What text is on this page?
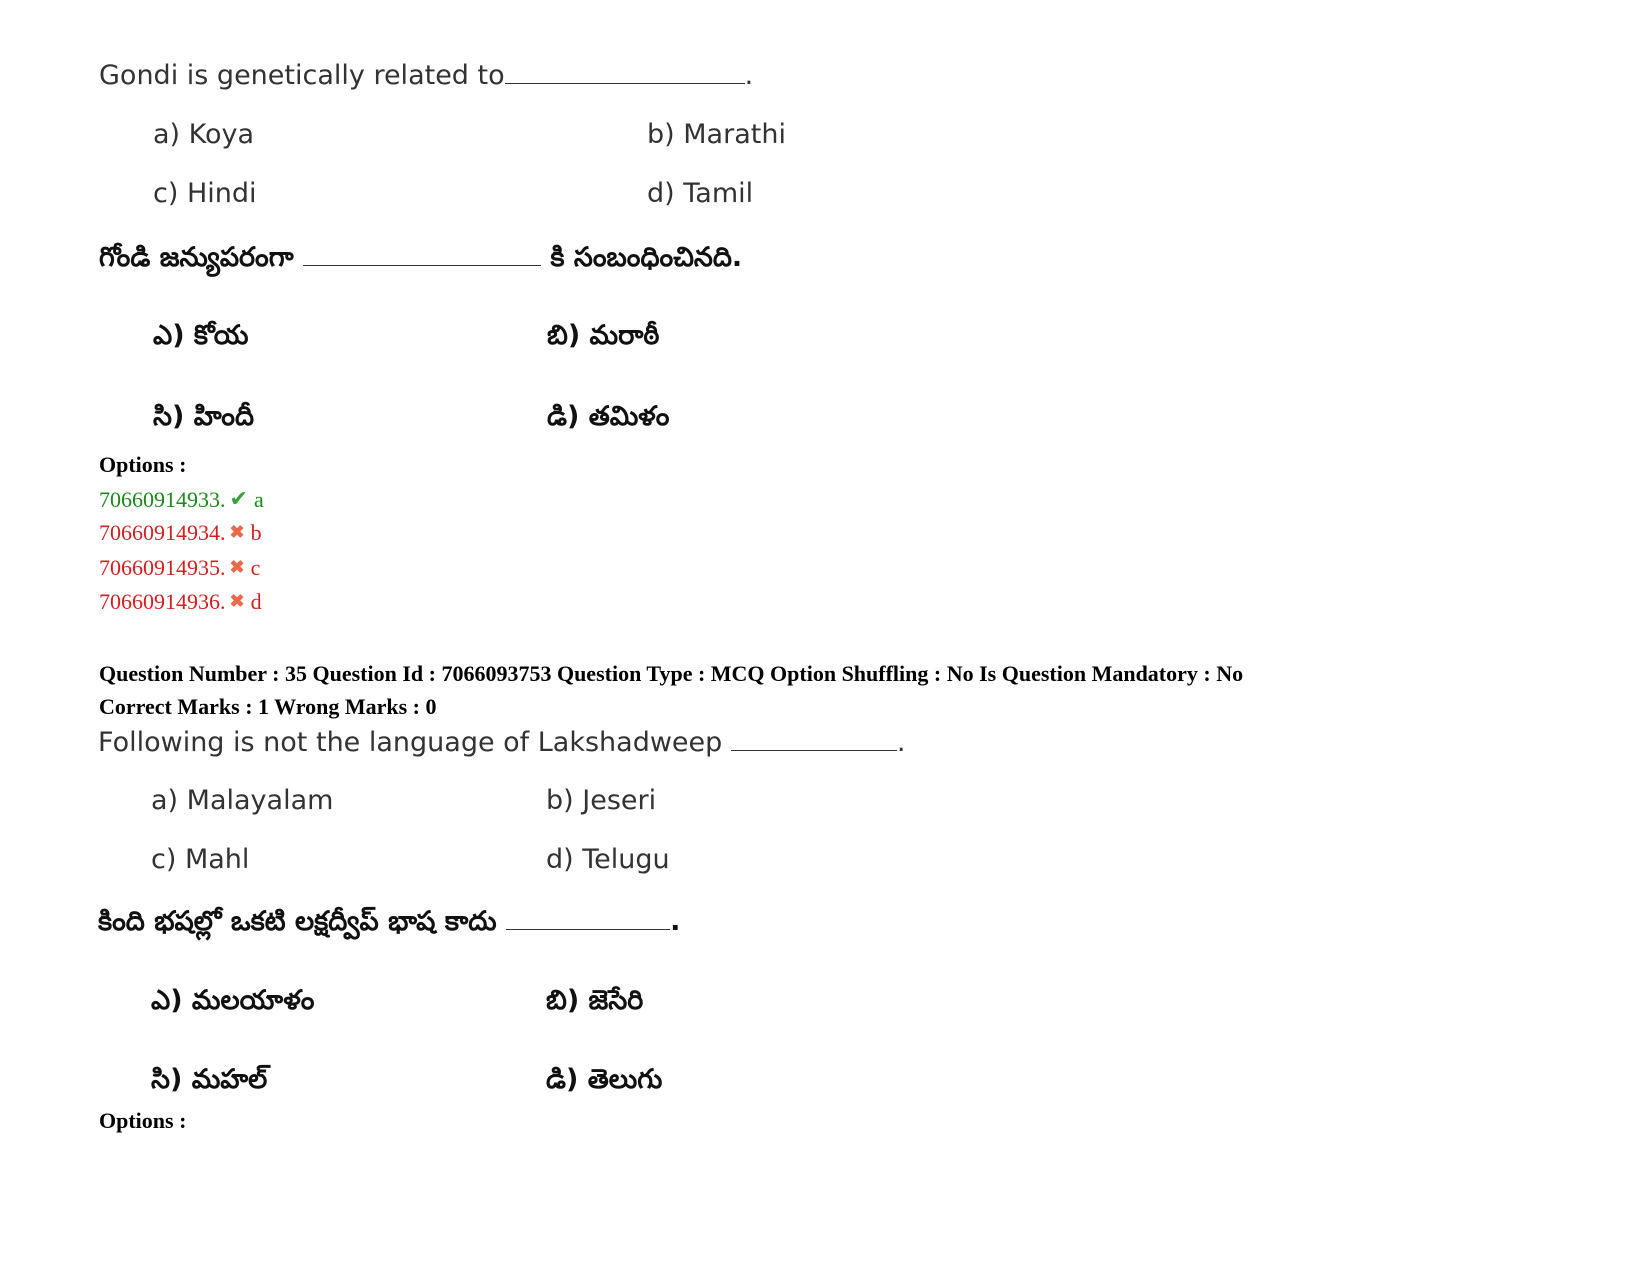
Gondi is genetically related to	.
a) Koya	b) Marathi
c) Hindi	d) Tamil
గోండి జన్యుపరంగా	కి సంబంధించినది.
ఎ) కోయ	బి) మరాఠీ
సి) హిందీ	డి) తమిళం
Options :
70660914933. ✔ a
70660914934. ✖ b
70660914935. ✖ c
70660914936. ✖ d
Question Number : 35 Question Id : 7066093753 Question Type : MCQ Option Shuffling : No Is Question Mandatory : No
Correct Marks : 1 Wrong Marks : 0
Following is not the language of Lakshadweep	.
a) Malayalam	b) Jeseri
c) Mahl	d) Telugu
కింది భషల్లో ఒకటి లక్షద్వీప్ భాష కాదు	.
ఎ) మలయాళం	బి) జెసేరి
సి) మహల్	డి) తెలుగు
Options :
